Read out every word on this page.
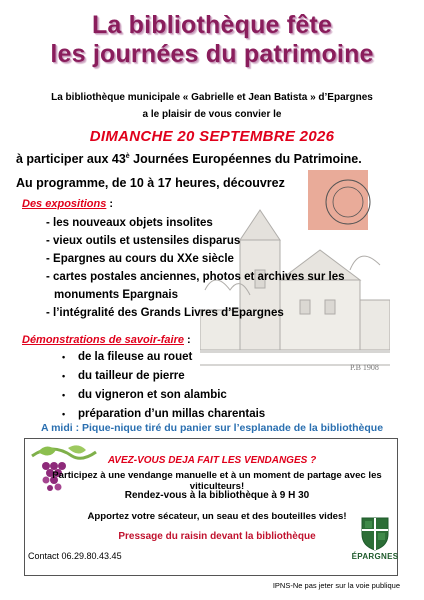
La bibliothèque fête
les journées du patrimoine
La bibliothèque municipale « Gabrielle et Jean Batista » d’Epargnes
a le plaisir de vous convier le
DIMANCHE 20 SEPTEMBRE 2026
P.B 1908
à participer aux $43^è$ Journées Européennes du Patrimoine.
Au programme, de 10 à 17 heures, découvrez
Des expositions :
- les nouveaux objets insolites
- vieux outils et ustensiles disparus
- Epargnes au cours du XXe siècle
- cartes postales anciennes, photos et archives sur les
monuments Epargnais
- l’intégralité des Grands Livres d’Epargnes
Démonstrations de savoir-faire :
• de la fileuse au rouet
• du tailleur de pierre
• du vigneron et son alambic
• préparation d’un millas charentais
A midi : Pique-nique tiré du panier sur l’esplanade de la bibliothèque
AVEZ-VOUS DEJA FAIT LES VENDANGES ?
Participez à une vendange manuelle et à un moment de partage avec les viticulteurs!
Rendez-vous à la bibliothèque à 9 H 30
Apportez votre sécateur, un seau et des bouteilles vides!
Pressage du raisin devant la bibliothèque
ÉPARGNES
Contact 06.29.80.43.45
IPNS-Ne pas jeter sur la voie publique
